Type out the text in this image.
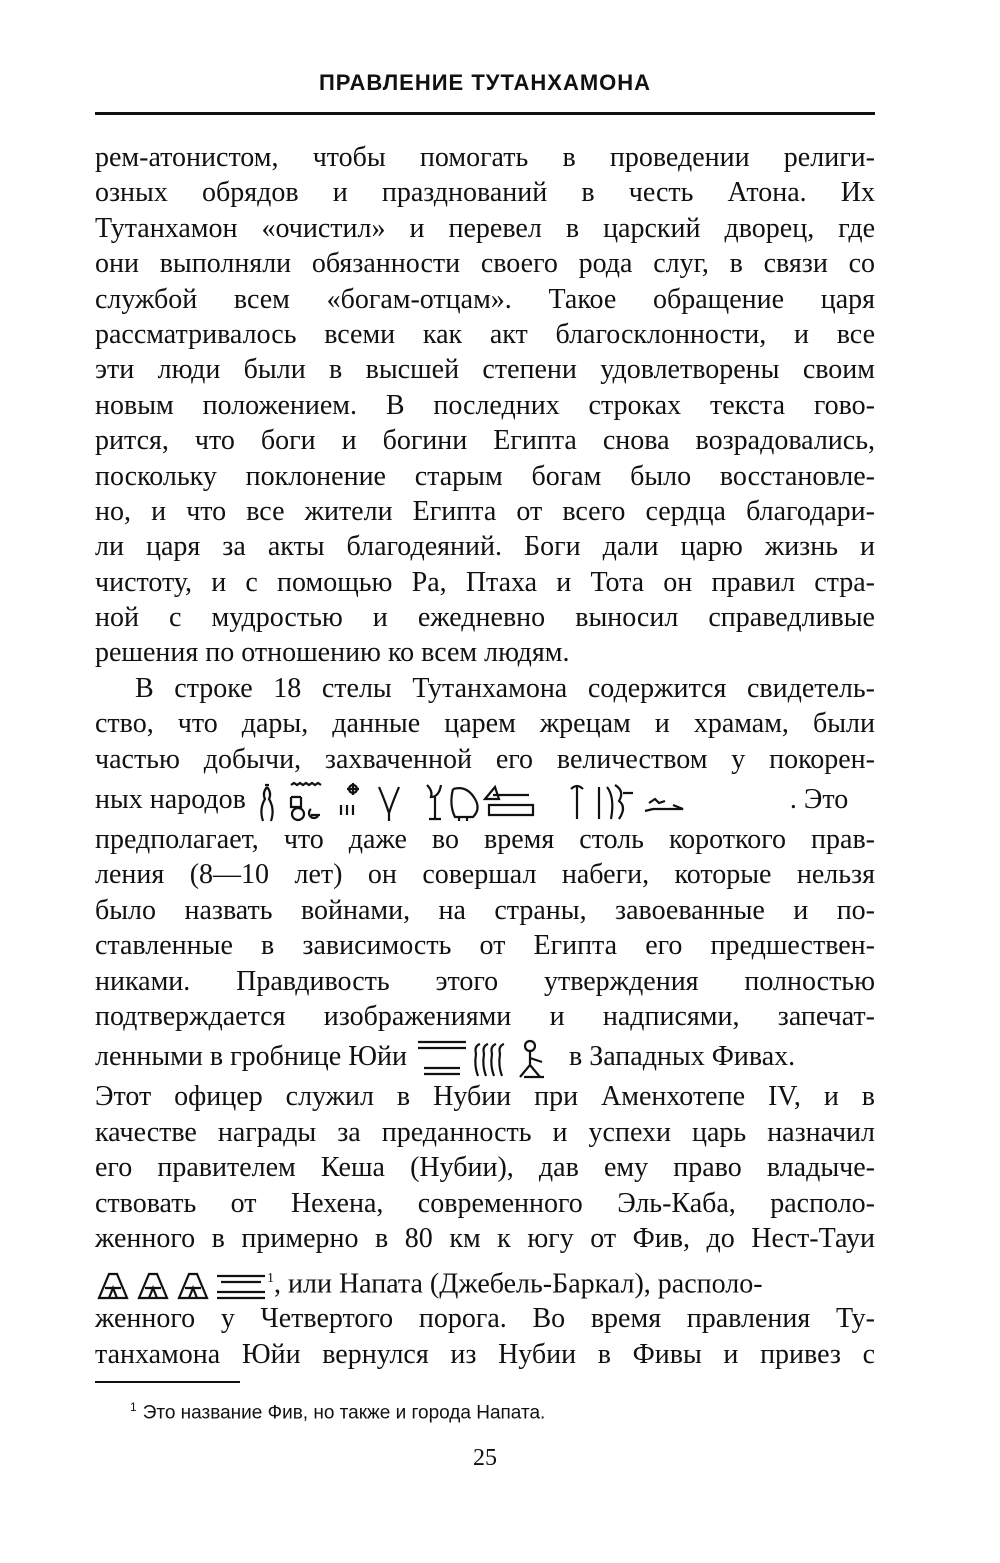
ПРАВЛЕНИЕ ТУТАНХАМОНА
рем-атонистом, чтобы помогать в проведении религи-
озных обрядов и празднований в честь Атона. Их
Тутанхамон «очистил» и перевел в царский дворец, где
они выполняли обязанности своего рода слуг, в связи со
службой всем «богам-отцам». Такое обращение царя
рассматривалось всеми как акт благосклонности, и все
эти люди были в высшей степени удовлетворены своим
новым положением. В последних строках текста гово-
рится, что боги и богини Египта снова возрадовались,
поскольку поклонение старым богам было восстановле-
но, и что все жители Египта от всего сердца благодари-
ли царя за акты благодеяний. Боги дали царю жизнь и
чистоту, и с помощью Ра, Птаха и Тота он правил стра-
ной с мудростью и ежедневно выносил справедливые
решения по отношению ко всем людям.
В строке 18 стелы Тутанхамона содержится свидетель-
ство, что дары, данные царем жрецам и храмам, были
частью добычи, захваченной его величеством у покорен-
ных народов	. Это
предполагает, что даже во время столь короткого прав-
ления (8—10 лет) он совершал набеги, которые нельзя
было назвать войнами, на страны, завоеванные и по-
ставленные в зависимость от Египта его предшествен-
никами. Правдивость этого утверждения полностью
подтверждается изображениями и надписями, запечат-
ленными в гробнице Юйи	в Западных Фивах.
Этот офицер служил в Нубии при Аменхотепе IV, и в
качестве награды за преданность и успехи царь назначил
его правителем Кеша (Нубии), дав ему право владыче-
ствовать от Нехена, современного Эль-Каба, располо-
женного в примерно в 80 км к югу от Фив, до Нест-Тауи
$^1$, или Напата (Джебель-Баркал), располо-
женного у Четвертого порога. Во время правления Ту-
танхамона Юйи вернулся из Нубии в Фивы и привез с
$^1$ Это название Фив, но также и города Напата.
25
